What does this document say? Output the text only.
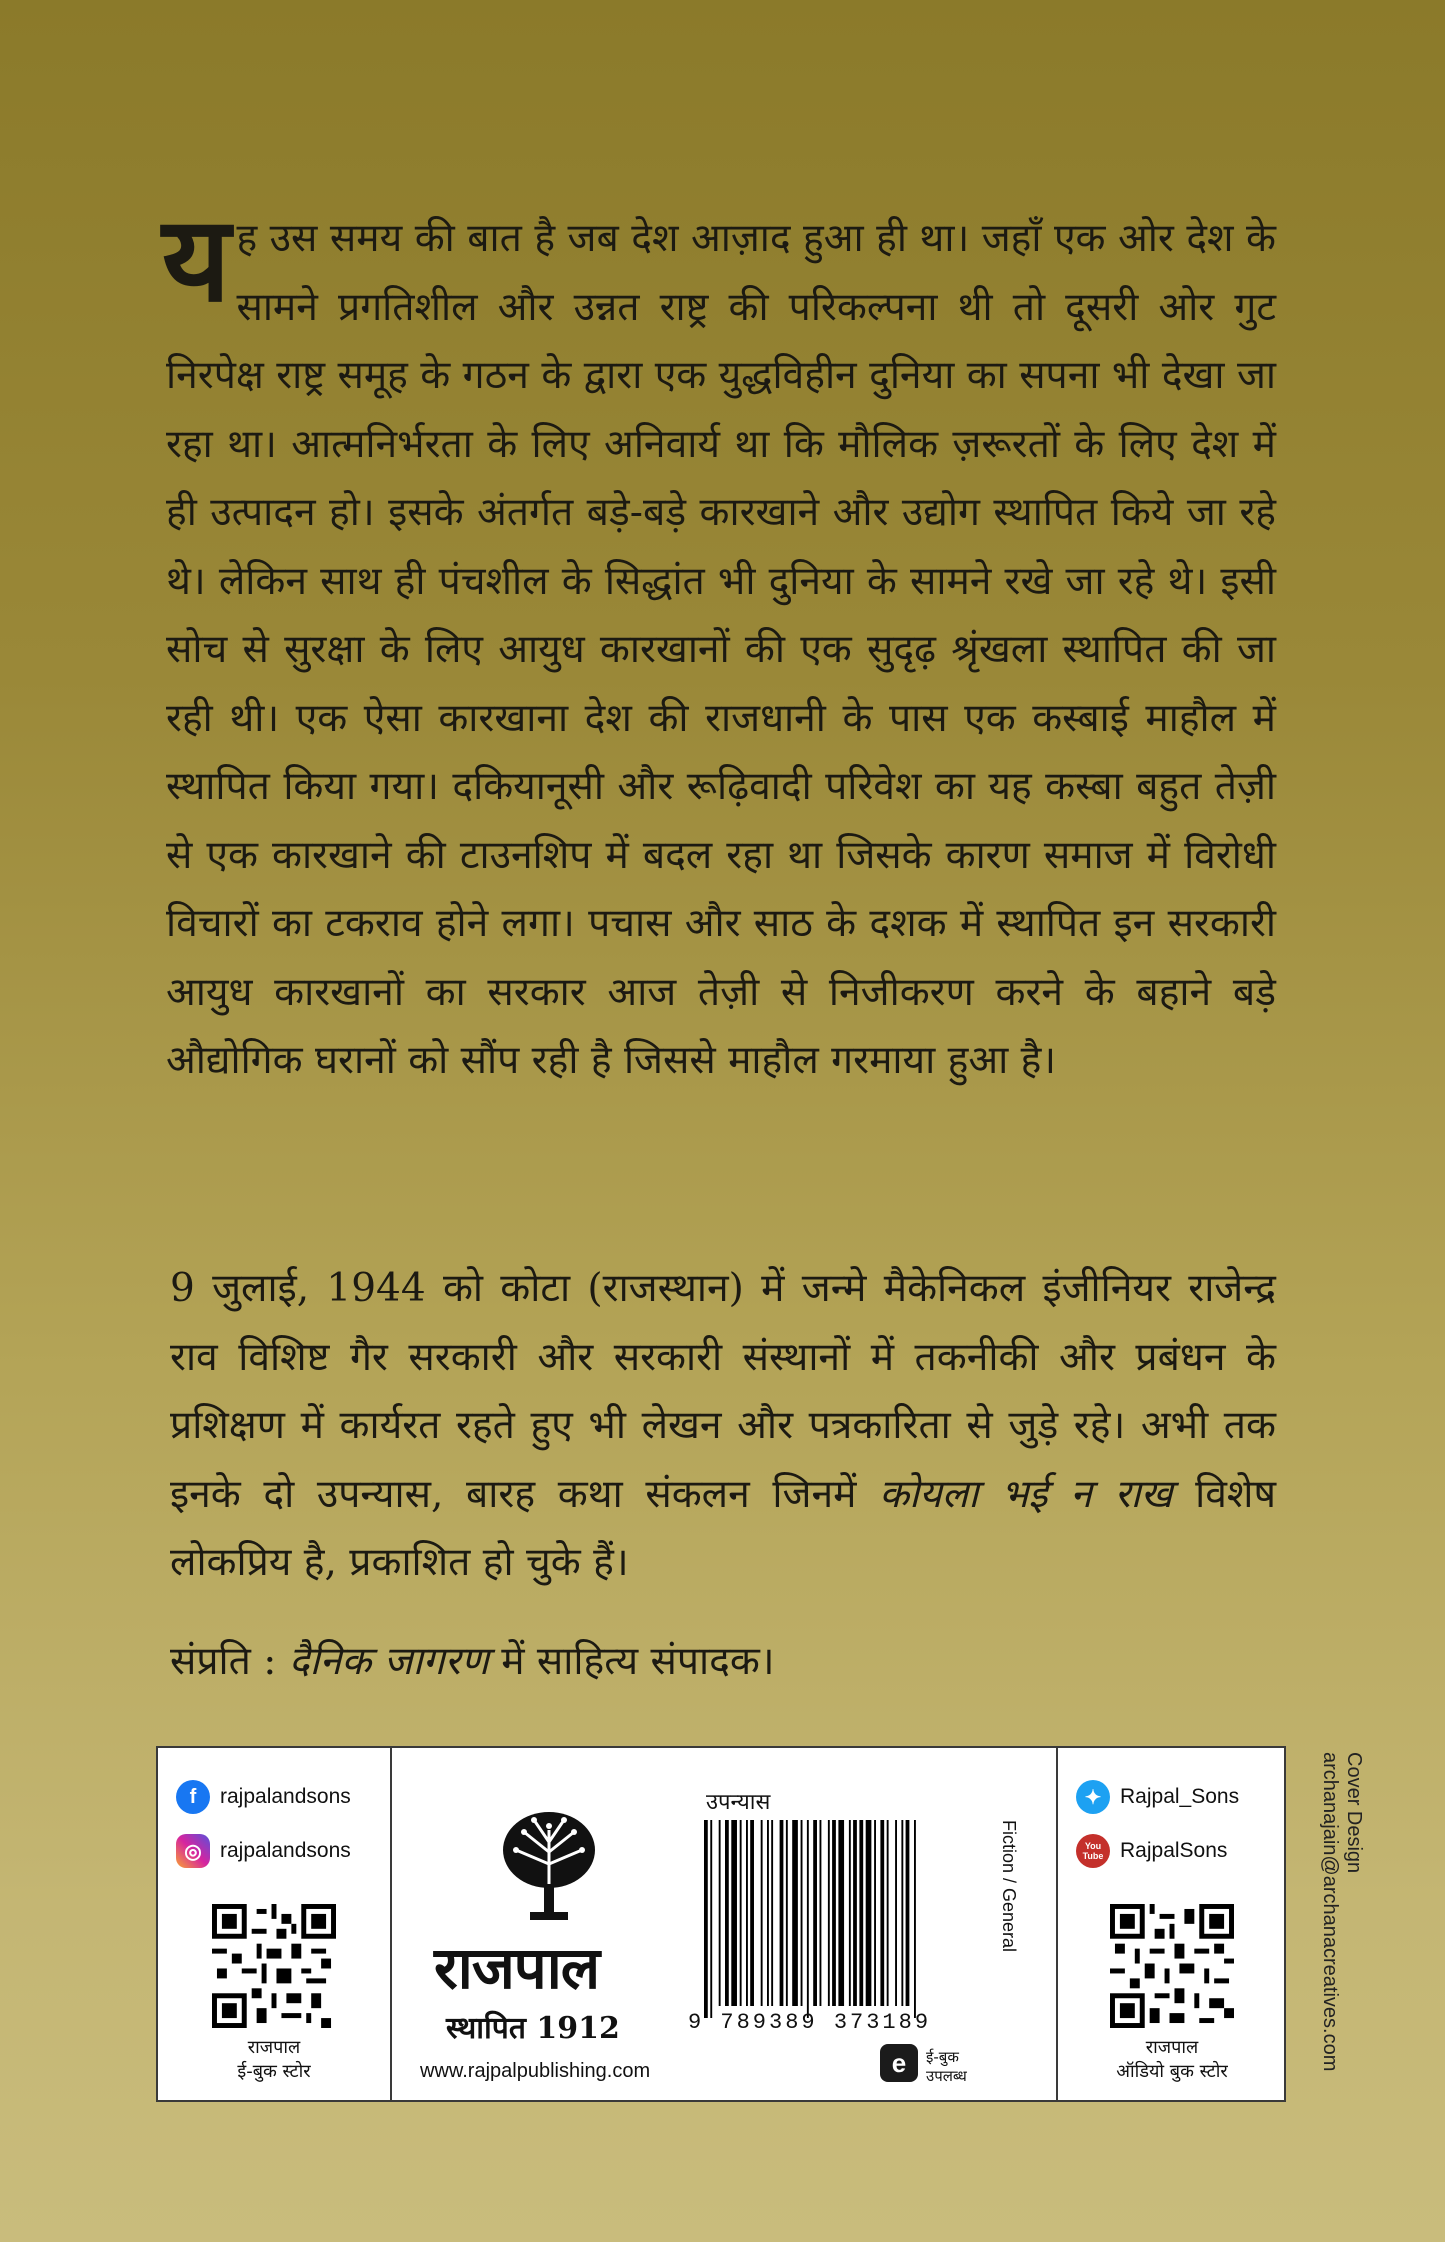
यह उस समय की बात है जब देश आज़ाद हुआ ही था। जहाँ एक ओर देश के सामने प्रगतिशील और उन्नत राष्ट्र की परिकल्पना थी तो दूसरी ओर गुट निरपेक्ष राष्ट्र समूह के गठन के द्वारा एक युद्धविहीन दुनिया का सपना भी देखा जा रहा था। आत्मनिर्भरता के लिए अनिवार्य था कि मौलिक ज़रूरतों के लिए देश में ही उत्पादन हो। इसके अंतर्गत बड़े-बड़े कारखाने और उद्योग स्थापित किये जा रहे थे। लेकिन साथ ही पंचशील के सिद्धांत भी दुनिया के सामने रखे जा रहे थे। इसी सोच से सुरक्षा के लिए आयुध कारखानों की एक सुदृढ़ श्रृंखला स्थापित की जा रही थी। एक ऐसा कारखाना देश की राजधानी के पास एक कस्बाई माहौल में स्थापित किया गया। दकियानूसी और रूढ़िवादी परिवेश का यह कस्बा बहुत तेज़ी से एक कारखाने की टाउनशिप में बदल रहा था जिसके कारण समाज में विरोधी विचारों का टकराव होने लगा। पचास और साठ के दशक में स्थापित इन सरकारी आयुध कारखानों का सरकार आज तेज़ी से निजीकरण करने के बहाने बड़े औद्योगिक घरानों को सौंप रही है जिससे माहौल गरमाया हुआ है।

9 जुलाई, 1944 को कोटा (राजस्थान) में जन्मे मैकेनिकल इंजीनियर राजेन्द्र राव विशिष्ट गैर सरकारी और सरकारी संस्थानों में तकनीकी और प्रबंधन के प्रशिक्षण में कार्यरत रहते हुए भी लेखन और पत्रकारिता से जुड़े रहे। अभी तक इनके दो उपन्यास, बारह कथा संकलन जिनमें कोयला भई न राख विशेष लोकप्रिय है, प्रकाशित हो चुके हैं।

संप्रति : दैनिक जागरण में साहित्य संपादक।

f	rajpalandsons
◎ rajpalandsons
राजपाल
ई-बुक स्टोर
राजपाल
स्थापित 1912
www.rajpalpublishing.com
उपन्यास
9 789389 373189
Fiction / General
e	ई-बुक
उपलब्ध
✦ Rajpal_Sons
You Tube RajpalSons
राजपाल
ऑडियो बुक स्टोर
Cover Design
archanajain@archanacreatives.com
